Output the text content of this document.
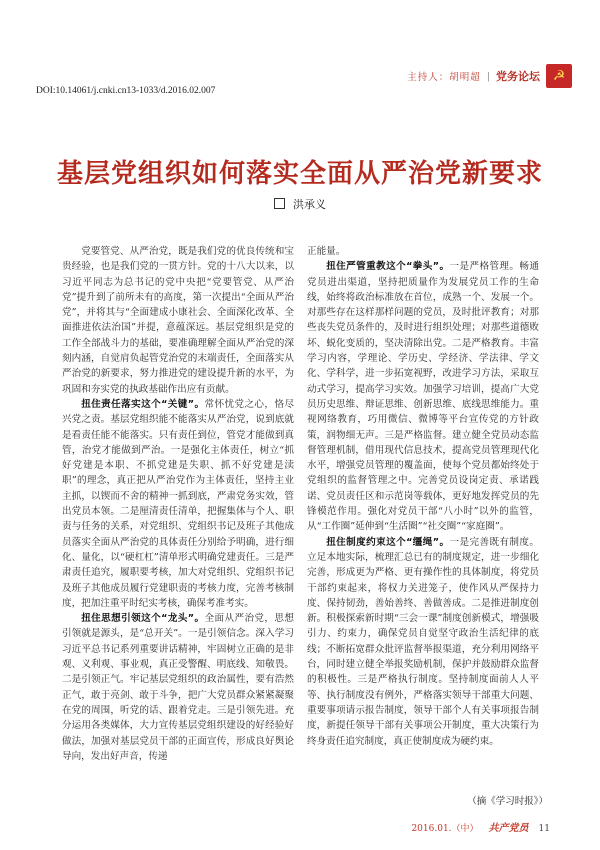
主持人：胡明超 | 党务论坛 ☭
DOI:10.14061/j.cnki.cn13-1033/d.2016.02.007
基层党组织如何落实全面从严治党新要求
洪承义

党要管党、从严治党，既是我们党的优良传统和宝贵经验，也是我们党的一贯方针。党的十八大以来，以习近平同志为总书记的党中央把“党要管党、从严治党”提升到了前所未有的高度，第一次提出“全面从严治党”，并将其与“全面建成小康社会、全面深化改革、全面推进依法治国”并提，意蕴深远。基层党组织是党的工作全部战斗力的基础，要准确理解全面从严治党的深刻内涵，自觉肩负起管党治党的末端责任，全面落实从严治党的新要求，努力推进党的建设提升新的水平，为巩固和夯实党的执政基础作出应有贡献。

扭住责任落实这个“关键”。常怀忧党之心，恪尽兴党之责。基层党组织能不能落实从严治党，说到底就是看责任能不能落实。只有责任到位，管党才能做到真管，治党才能做到严治。一是强化主体责任，树立“抓好党建是本职、不抓党建是失职、抓不好党建是渎职”的理念，真正把从严治党作为主体责任，坚持主业主抓，以锲而不舍的精神一抓到底，严肃党务实效，管出党员本领。二是厘清责任清单，把握集体与个人、职责与任务的关系，对党组织、党组织书记及班子其他成员落实全面从严治党的具体责任分别给予明确，进行细化、量化，以“硬杠杠”清单形式明确党建责任。三是严肃责任追究，履职要考核，加大对党组织、党组织书记及班子其他成员履行党建职责的考核力度，完善考核制度，把加注重平时纪实考核，确保考准考实。

扭住思想引领这个“龙头”。全面从严治党，思想引领就是源头，是“总开关”。一是引领信念。深入学习习近平总书记系列重要讲话精神，牢固树立正确的是非观、义利观、事业观，真正受警醒、明底线、知敬畏。二是引领正气。牢记基层党组织的政治属性，要有浩然正气，敢于亮剑、敢于斗争，把广大党员群众紧紧凝聚在党的周围，听党的话、跟着党走。三是引领先进。充分运用各类媒体，大力宣传基层党组织建设的好经验好做法，加强对基层党员干部的正面宣传，形成良好舆论导向，发出好声音，传递

正能量。

扭住严管重教这个“拳头”。一是严格管理。畅通党员进出渠道，坚持把质量作为发展党员工作的生命线，始终将政治标准放在首位，成熟一个、发展一个。对那些存在这样那样问题的党员，及时批评教育；对那些丧失党员条件的，及时进行组织处理；对那些道德败坏、蜕化变质的，坚决清除出党。二是严格教育。丰富学习内容，学理论、学历史、学经济、学法律、学文化、学科学，进一步拓宽视野，改进学习方法，采取互动式学习，提高学习实效。加强学习培训，提高广大党员历史思维、辩证思维、创新思维、底线思维能力。重视网络教育，巧用微信、微博等平台宣传党的方针政策，润物细无声。三是严格监督。建立健全党员动态监督管理机制，借用现代信息技术，提高党员管理现代化水平，增强党员管理的覆盖面，使每个党员都始终处于党组织的监督管理之中。完善党员设岗定责、承诺践诺、党员责任区和示范岗等载体，更好地发挥党员的先锋模范作用。强化对党员干部“八小时”以外的监管，从“工作圈”延伸到“生活圈”“社交圈”“家庭圈”。

扭住制度约束这个“缰绳”。一是完善既有制度。立足本地实际，梳理汇总已有的制度规定，进一步细化完善，形成更为严格、更有操作性的具体制度，将党员干部约束起来，将权力关进笼子，使作风从严保持力度、保持韧劲，善始善终、善做善成。二是推进制度创新。积极探索新时期“三会一课”制度创新模式，增强吸引力、约束力，确保党员自觉坚守政治生活纪律的底线；不断拓宽群众批评监督举报渠道，充分利用网络平台，同时建立健全举报奖励机制，保护并鼓励群众监督的积极性。三是严格执行制度。坚持制度面前人人平等、执行制度没有例外，严格落实领导干部重大问题、重要事项请示报告制度，领导干部个人有关事项报告制度，新提任领导干部有关事项公开制度，重大决策行为终身责任追究制度，真正使制度成为硬约束。

（摘《学习时报》）
2016.01.（中） 共产党员 11
